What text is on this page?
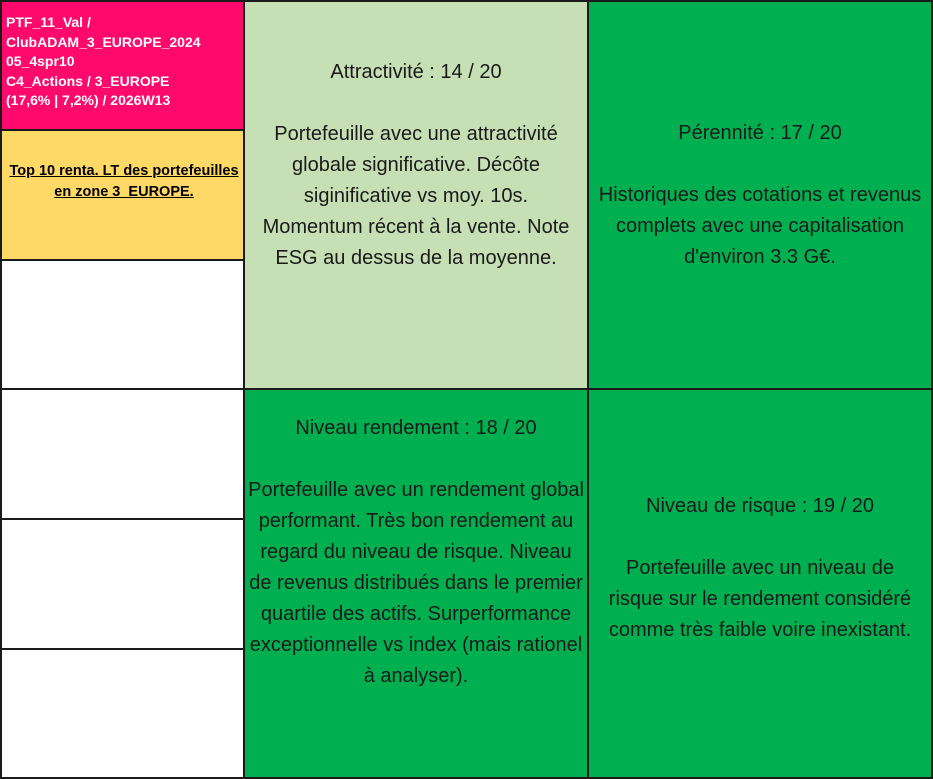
PTF_11_Val /
ClubADAM_3_EUROPE_2024
05_4spr10
C4_Actions / 3_EUROPE
(17,6% | 7,2%) / 2026W13
Top 10 renta. LT des portefeuilles en zone 3_EUROPE.
Attractivité : 14 / 20
Portefeuille avec une attractivité globale significative. Décôte siginificative vs moy. 10s. Momentum récent à la vente. Note ESG au dessus de la moyenne.
Pérennité : 17 / 20
Historiques des cotations et revenus complets avec une capitalisation d'environ 3.3 G€.
Niveau rendement : 18 / 20
Portefeuille avec un rendement global performant. Très bon rendement au regard du niveau de risque. Niveau de revenus distribués dans le premier quartile des actifs. Surperformance exceptionnelle vs index (mais rationel à analyser).
Niveau de risque : 19 / 20
Portefeuille avec un niveau de risque sur le rendement considéré comme très faible voire inexistant.
